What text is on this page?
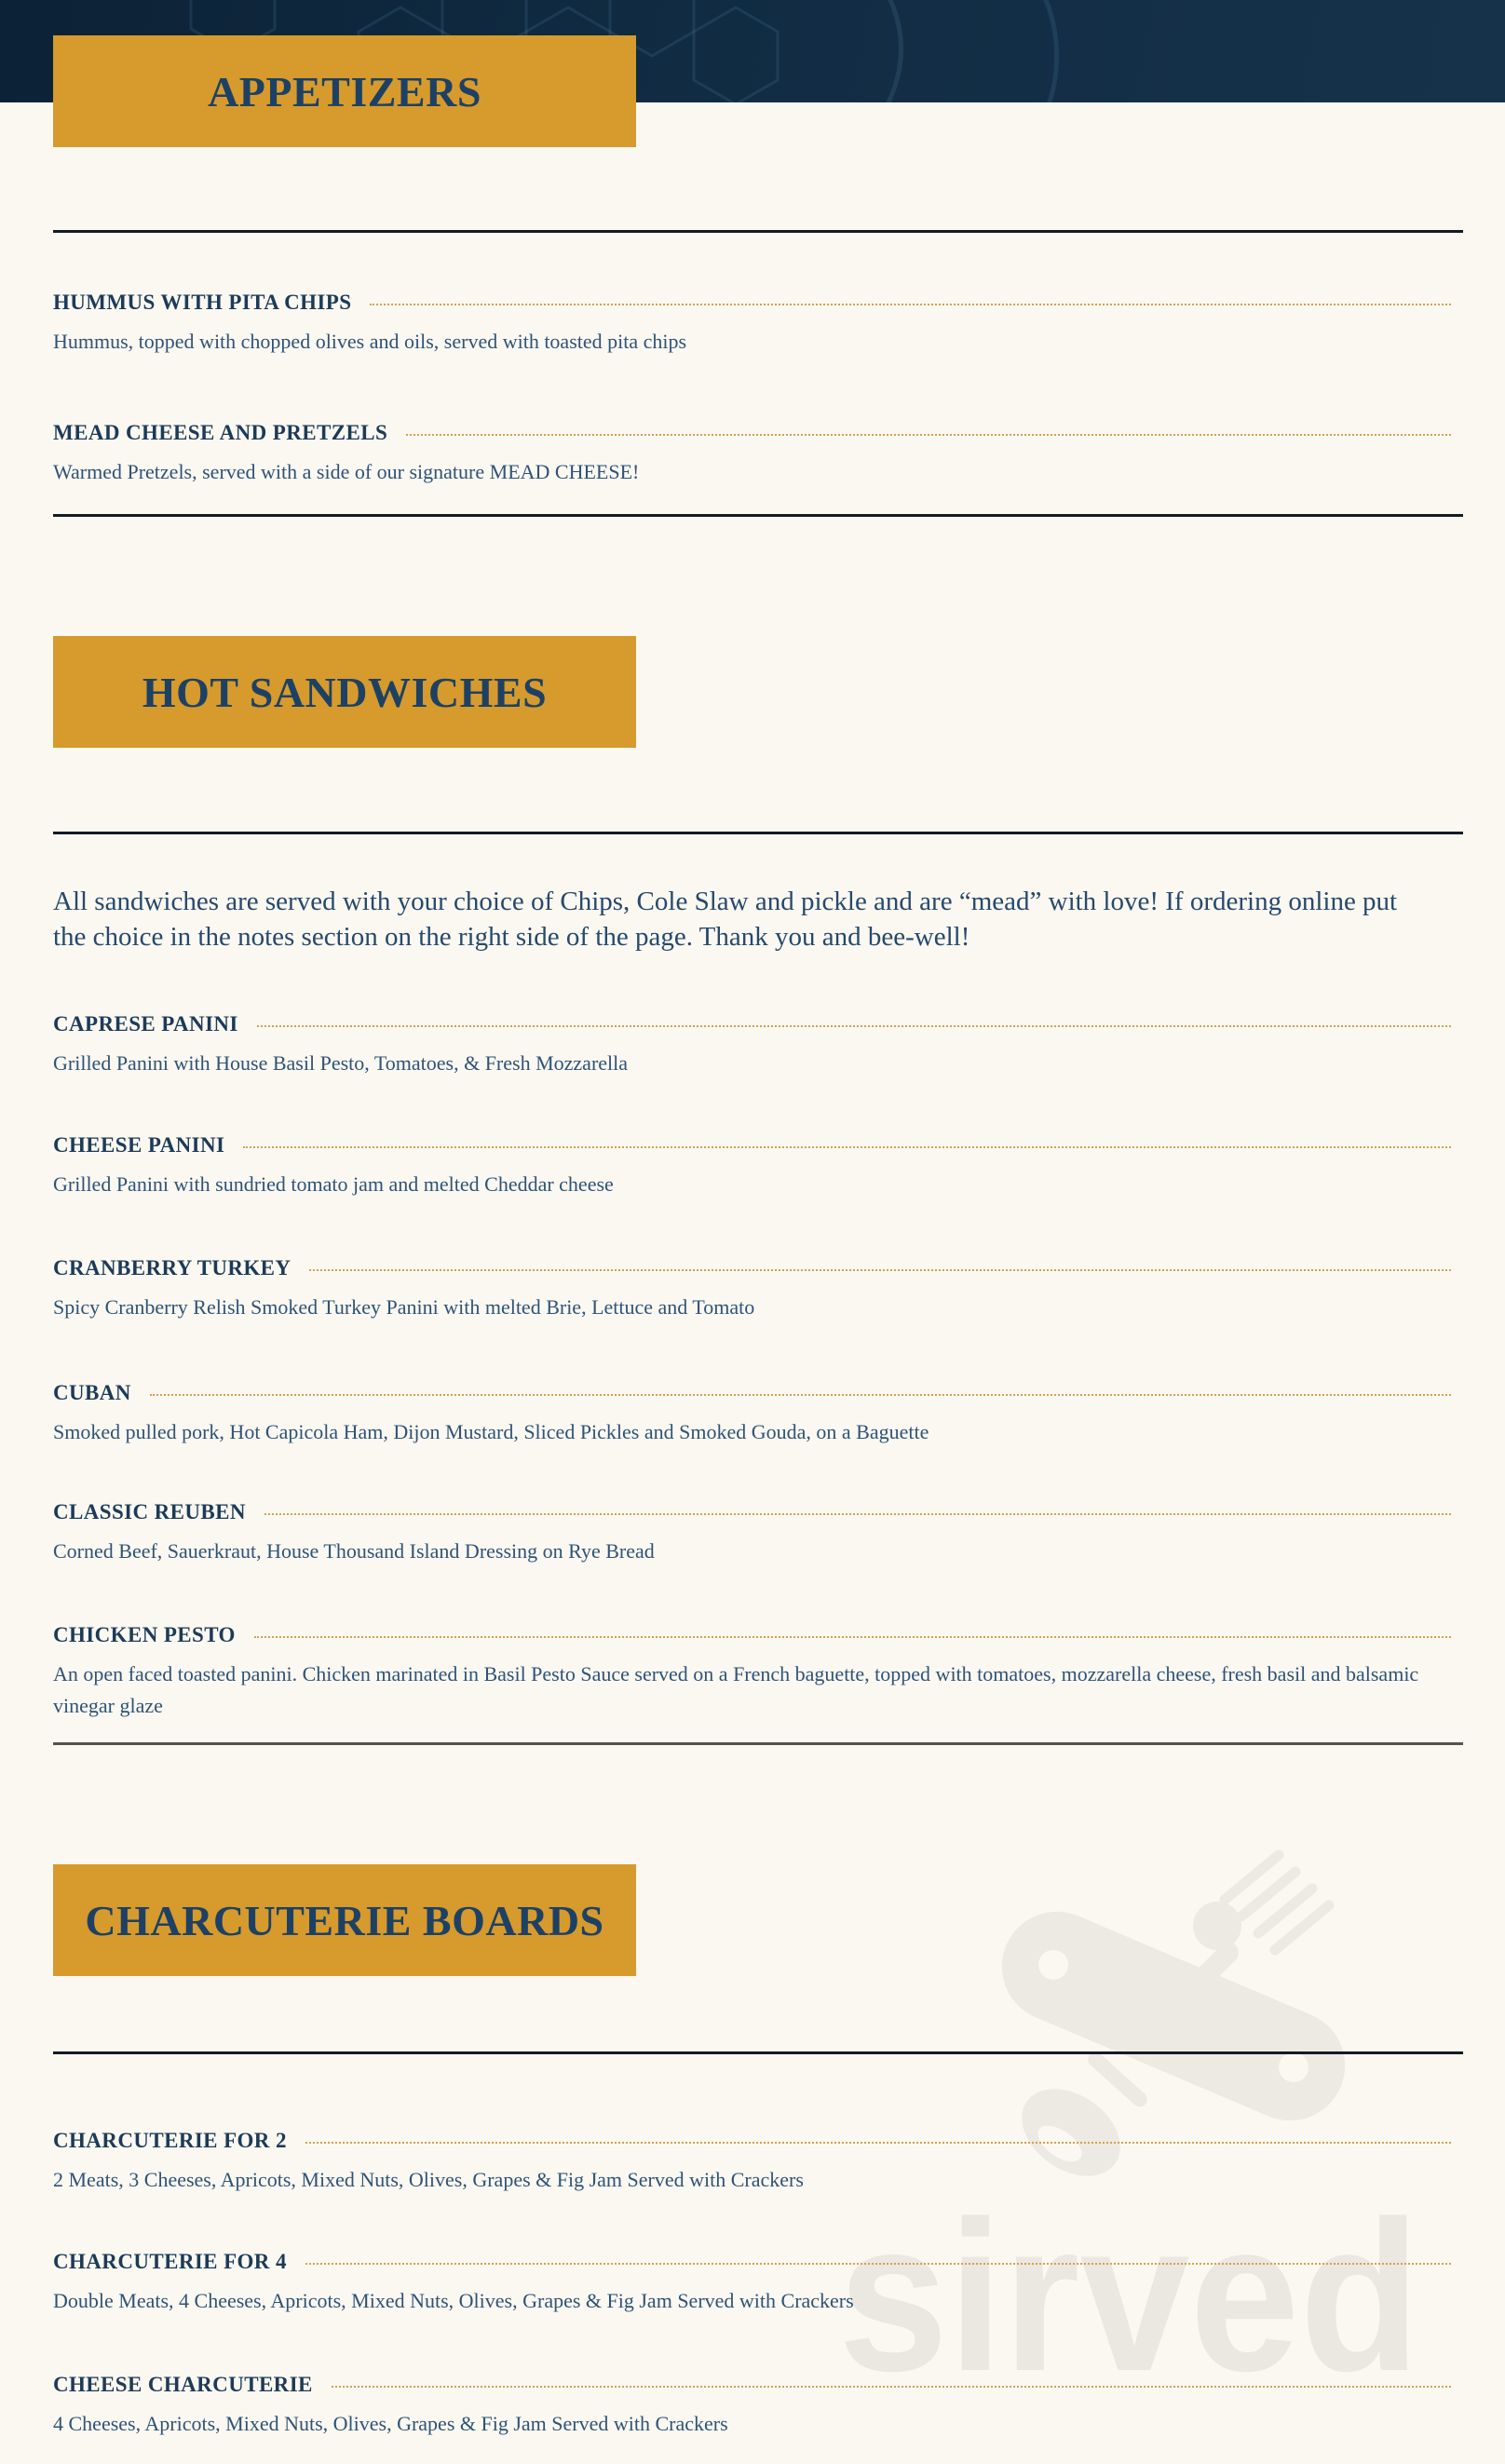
sirved
APPETIZERS
HUMMUS WITH PITA CHIPS

Hummus, topped with chopped olives and oils, served with toasted pita chips

MEAD CHEESE AND PRETZELS

Warmed Pretzels, served with a side of our signature MEAD CHEESE!

HOT SANDWICHES

All sandwiches are served with your choice of Chips, Cole Slaw and pickle and are “mead” with love! If ordering online put the choice in the notes section on the right side of the page. Thank you and bee-well!

CAPRESE PANINI

Grilled Panini with House Basil Pesto, Tomatoes, & Fresh Mozzarella

CHEESE PANINI

Grilled Panini with sundried tomato jam and melted Cheddar cheese

CRANBERRY TURKEY

Spicy Cranberry Relish Smoked Turkey Panini with melted Brie, Lettuce and Tomato

CUBAN

Smoked pulled pork, Hot Capicola Ham, Dijon Mustard, Sliced Pickles and Smoked Gouda, on a Baguette

CLASSIC REUBEN

Corned Beef, Sauerkraut, House Thousand Island Dressing on Rye Bread

CHICKEN PESTO

An open faced toasted panini. Chicken marinated in Basil Pesto Sauce served on a French baguette, topped with tomatoes, mozzarella cheese, fresh basil and balsamic vinegar glaze

CHARCUTERIE BOARDS
CHARCUTERIE FOR 2

2 Meats, 3 Cheeses, Apricots, Mixed Nuts, Olives, Grapes & Fig Jam Served with Crackers

CHARCUTERIE FOR 4

Double Meats, 4 Cheeses, Apricots, Mixed Nuts, Olives, Grapes & Fig Jam Served with Crackers

CHEESE CHARCUTERIE

4 Cheeses, Apricots, Mixed Nuts, Olives, Grapes & Fig Jam Served with Crackers
